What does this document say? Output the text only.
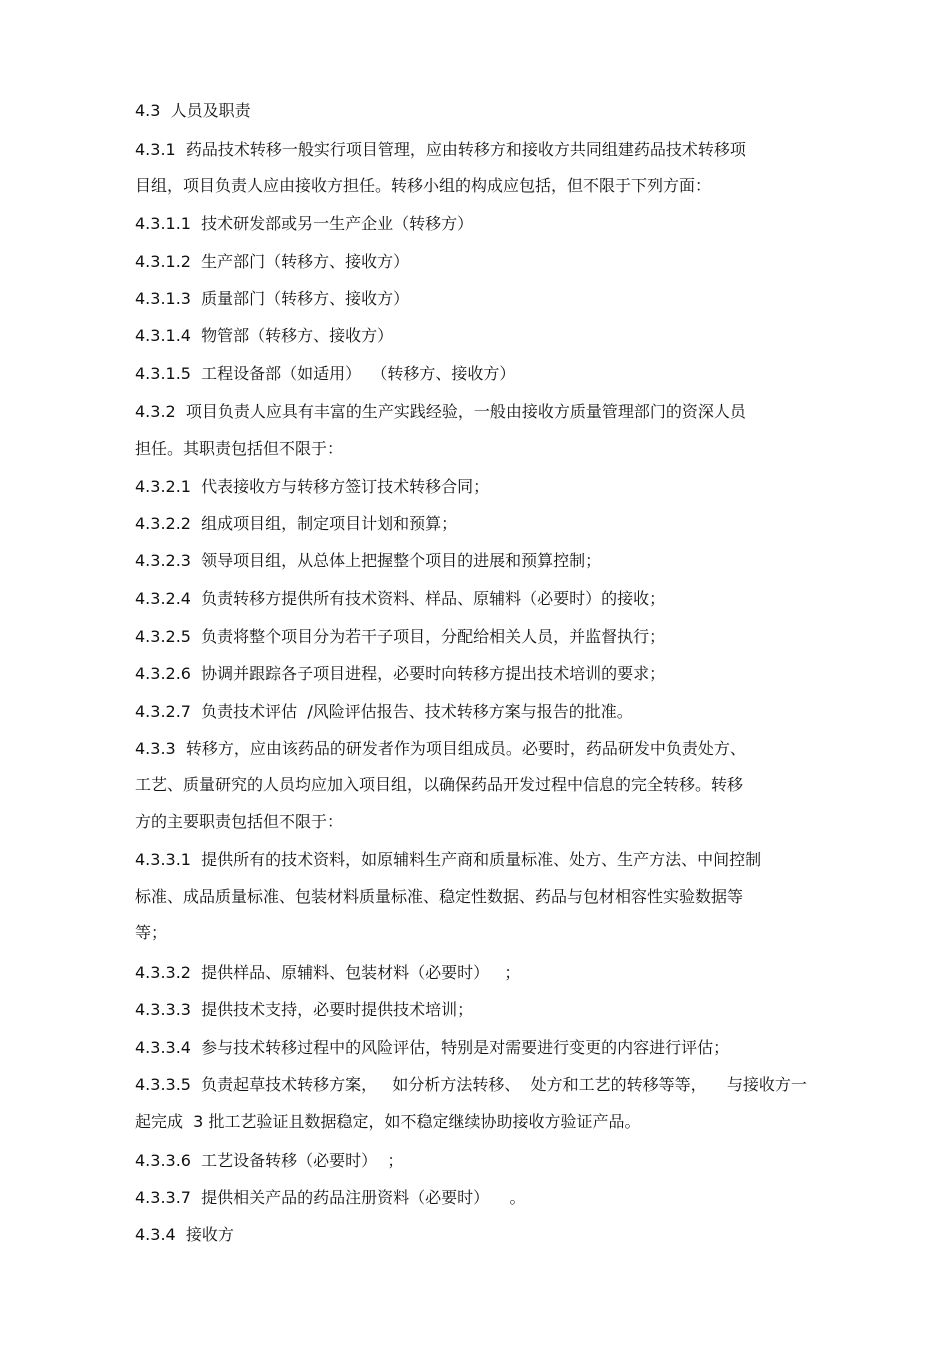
4.3  人员及职责
4.3.1  药品技术转移一般实行项目管理，应由转移方和接收方共同组建药品技术转移项
目组，项目负责人应由接收方担任。转移小组的构成应包括，但不限于下列方面：
4.3.1.1  技术研发部或另一生产企业（转移方）
4.3.1.2  生产部门（转移方、接收方）
4.3.1.3  质量部门（转移方、接收方）
4.3.1.4  物管部（转移方、接收方）
4.3.1.5  工程设备部（如适用）  （转移方、接收方）
4.3.2  项目负责人应具有丰富的生产实践经验，一般由接收方质量管理部门的资深人员
担任。其职责包括但不限于：
4.3.2.1  代表接收方与转移方签订技术转移合同；
4.3.2.2  组成项目组，制定项目计划和预算；
4.3.2.3  领导项目组，从总体上把握整个项目的进展和预算控制；
4.3.2.4  负责转移方提供所有技术资料、样品、原辅料（必要时）的接收；
4.3.2.5  负责将整个项目分为若干子项目，分配给相关人员，并监督执行；
4.3.2.6  协调并跟踪各子项目进程，必要时向转移方提出技术培训的要求；
4.3.2.7  负责技术评估  /风险评估报告、技术转移方案与报告的批准。
4.3.3  转移方，应由该药品的研发者作为项目组成员。必要时，药品研发中负责处方、
工艺、质量研究的人员均应加入项目组，以确保药品开发过程中信息的完全转移。转移
方的主要职责包括但不限于：
4.3.3.1  提供所有的技术资料，如原辅料生产商和质量标准、处方、生产方法、中间控制
标准、成品质量标准、包装材料质量标准、稳定性数据、药品与包材相容性实验数据等
等；
4.3.3.2  提供样品、原辅料、包装材料（必要时）   ；
4.3.3.3  提供技术支持，必要时提供技术培训；
4.3.3.4  参与技术转移过程中的风险评估，特别是对需要进行变更的内容进行评估；
4.3.3.5  负责起草技术转移方案，   如分析方法转移、  处方和工艺的转移等等，    与接收方一
起完成  3 批工艺验证且数据稳定，如不稳定继续协助接收方验证产品。
4.3.3.6  工艺设备转移（必要时）  ；
4.3.3.7  提供相关产品的药品注册资料（必要时）    。
4.3.4  接收方
